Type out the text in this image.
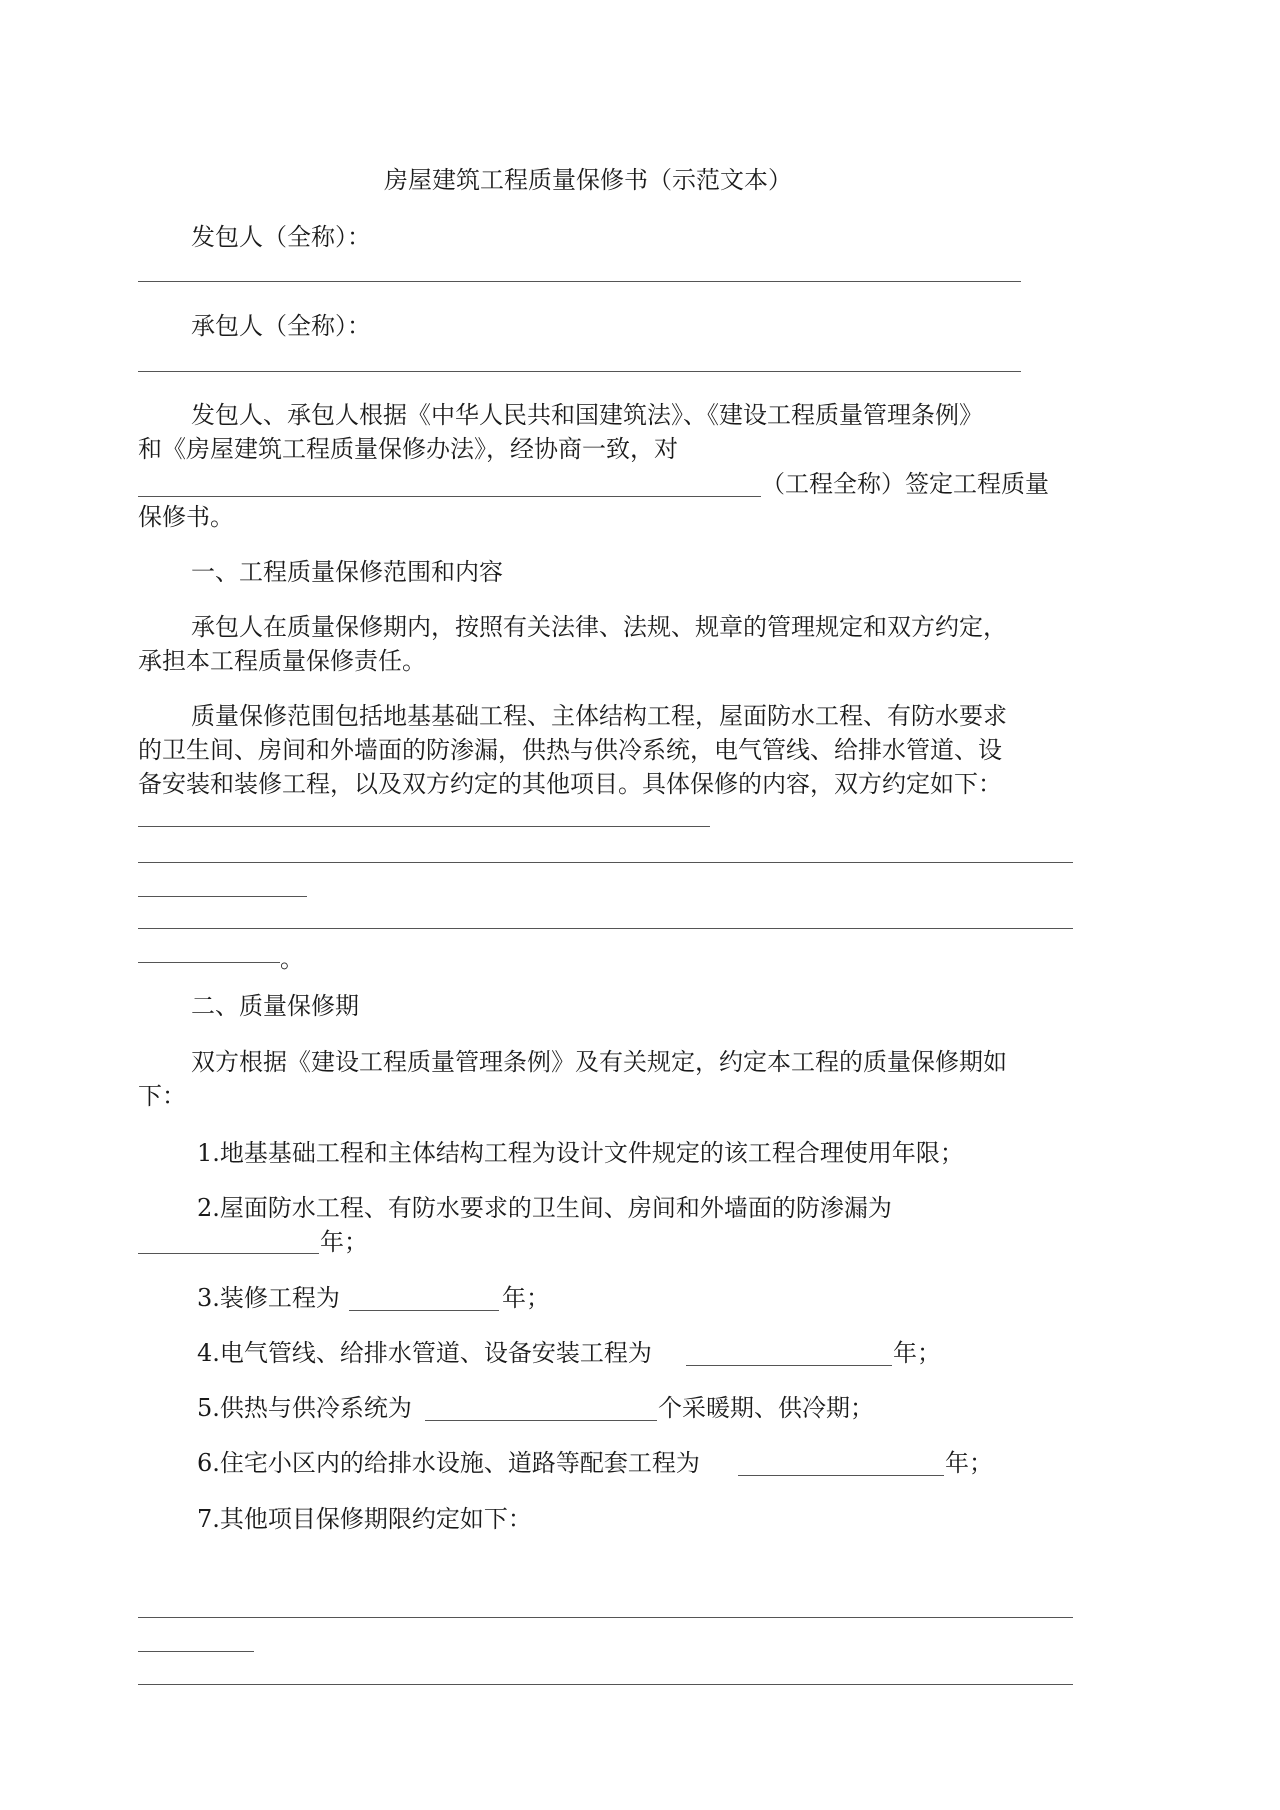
房屋建筑工程质量保修书（示范文本）
发包人（全称）：
承包人（全称）：
发包人、承包人根据《中华人民共和国建筑法》、《建设工程质量管理条例》
和《房屋建筑工程质量保修办法》，经协商一致，对
（工程全称）签定工程质量
保修书。
一、工程质量保修范围和内容
承包人在质量保修期内，按照有关法律、法规、规章的管理规定和双方约定，
承担本工程质量保修责任。
质量保修范围包括地基基础工程、主体结构工程，屋面防水工程、有防水要求
的卫生间、房间和外墙面的防渗漏，供热与供冷系统，电气管线、给排水管道、设
备安装和装修工程，以及双方约定的其他项目。具体保修的内容，双方约定如下：
。
二、质量保修期
双方根据《建设工程质量管理条例》及有关规定，约定本工程的质量保修期如
下：
1.地基基础工程和主体结构工程为设计文件规定的该工程合理使用年限；
2.屋面防水工程、有防水要求的卫生间、房间和外墙面的防渗漏为
年；
3.装修工程为	年；
4.电气管线、给排水管道、设备安装工程为	年；
5.供热与供冷系统为	个采暖期、供冷期；
6.住宅小区内的给排水设施、道路等配套工程为	年；
7.其他项目保修期限约定如下：
